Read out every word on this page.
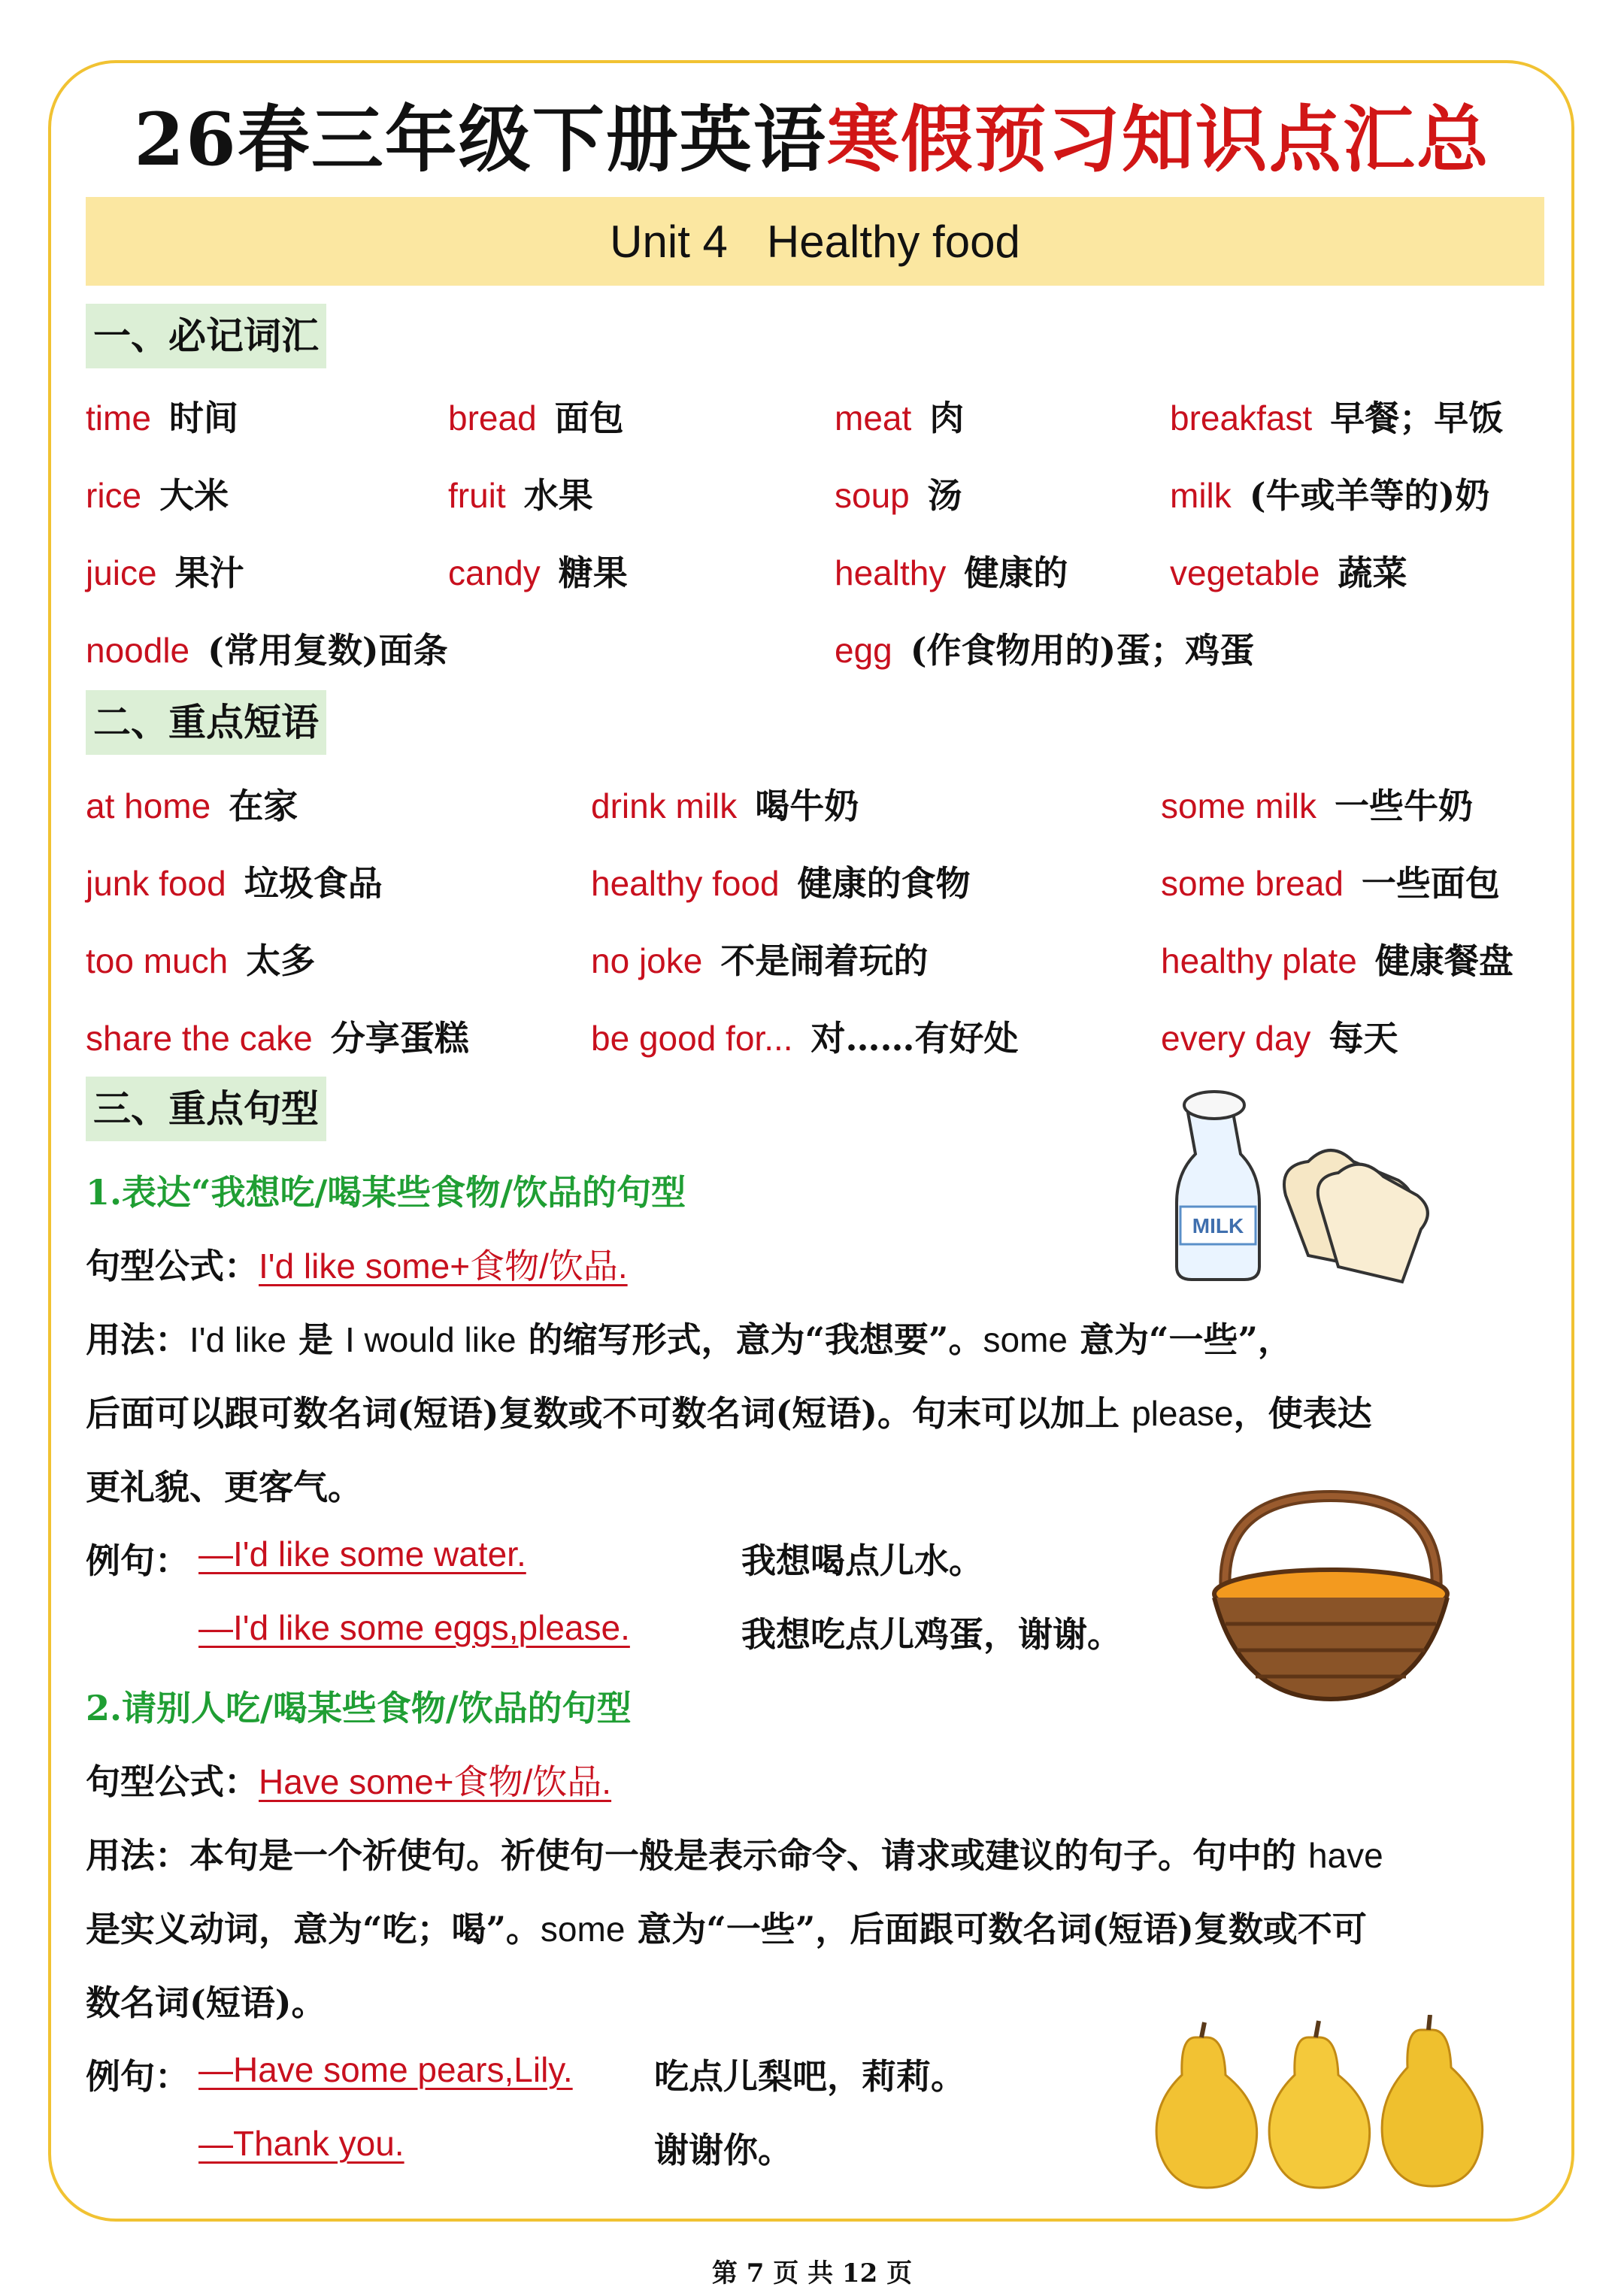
26春三年级下册英语寒假预习知识点汇总
Unit 4 Healthy food
一、必记词汇
time 时间	bread 面包	meat 肉	breakfast 早餐；早饭
rice 大米	fruit 水果	soup 汤	milk (牛或羊等的)奶
juice 果汁	candy 糖果	healthy 健康的	vegetable 蔬菜
noodle (常用复数)面条	egg (作食物用的)蛋；鸡蛋
二、重点短语
at home 在家	drink milk 喝牛奶	some milk 一些牛奶
junk food 垃圾食品	healthy food 健康的食物	some bread 一些面包
too much 太多	no joke 不是闹着玩的	healthy plate 健康餐盘
share the cake 分享蛋糕	be good for... 对……有好处	every day 每天
三、重点句型
1.表达“我想吃/喝某些食物/饮品的句型
句型公式：I'd like some+食物/饮品.
用法：I'd like 是 I would like 的缩写形式，意为“我想要”。some 意为“一些”，
后面可以跟可数名词(短语)复数或不可数名词(短语)。句末可以加上 please，使表达
更礼貌、更客气。
例句： —I'd like some water.	我想喝点儿水。
—I'd like some eggs,please.	我想吃点儿鸡蛋，谢谢。
2.请别人吃/喝某些食物/饮品的句型
句型公式：Have some+食物/饮品.
用法：本句是一个祈使句。祈使句一般是表示命令、请求或建议的句子。句中的 have
是实义动词，意为“吃；喝”。some 意为“一些”，后面跟可数名词(短语)复数或不可
数名词(短语)。
例句： —Have some pears,Lily. 吃点儿梨吧，莉莉。
—Thank you.	谢谢你。
MILK
第 7 页 共 12 页
